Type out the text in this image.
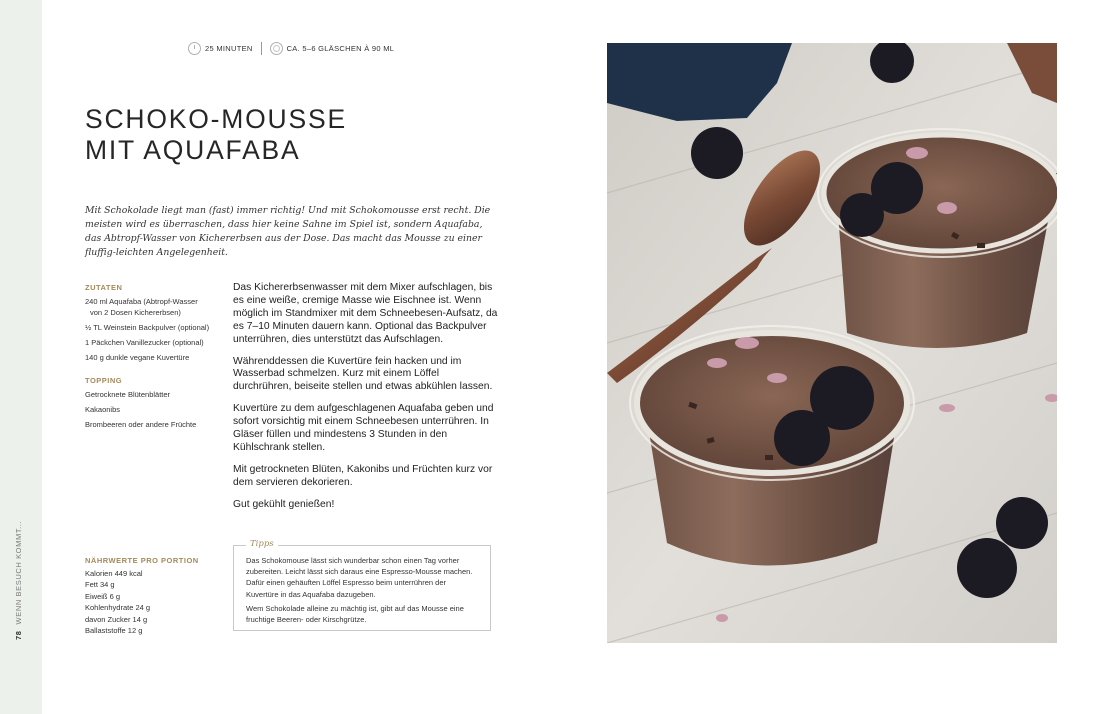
78WENN BESUCH KOMMT...
25 MINUTEN	CA. 5–6 GLÄSCHEN À 90 ML
SCHOKO-MOUSSE
MIT AQUAFABA

Mit Schokolade liegt man (fast) immer richtig! Und mit Schokomousse erst recht. Die meisten wird es überraschen, dass hier keine Sahne im Spiel ist, sondern Aquafaba, das Abtropf-Wasser von Kichererbsen aus der Dose. Das macht das Mousse zu einer fluffig-leichten Angelegenheit.

ZUTATEN
240 ml Aquafaba (Abtropf-Wasser
von 2 Dosen Kichererbsen)
½ TL Weinstein Backpulver (optional)
1 Päckchen Vanillezucker (optional)
140 g dunkle vegane Kuvertüre
TOPPING
Getrocknete Blütenblätter
Kakaonibs
Brombeeren oder andere Früchte

Das Kichererbsenwasser mit dem Mixer aufschlagen, bis es eine weiße, cremige Masse wie Eischnee ist. Wenn möglich im Standmixer mit dem Schneebesen-Aufsatz, da es 7–10 Minuten dauern kann. Optional das Backpulver unterrühren, dies unterstützt das Aufschlagen.

Währenddessen die Kuvertüre fein hacken und im Wasserbad schmelzen. Kurz mit einem Löffel durchrühren, beiseite stellen und etwas abkühlen lassen.

Kuvertüre zu dem aufgeschlagenen Aquafaba geben und sofort vorsichtig mit einem Schneebesen unterrühren. In Gläser füllen und mindestens 3 Stunden in den Kühlschrank stellen.

Mit getrockneten Blüten, Kakonibs und Früchten kurz vor dem servieren dekorieren.

Gut gekühlt genießen!

NÄHRWERTE PRO PORTION
Kalorien 449 kcal
Fett 34 g
Eiweiß 6 g
Kohlenhydrate 24 g
davon Zucker 14 g
Ballaststoffe 12 g
Tipps

Das Schokomouse lässt sich wunderbar schon einen Tag vorher zubereiten. Leicht lässt sich daraus eine Espresso-Mousse machen. Dafür einen gehäuften Löffel Espresso beim unterrühren der Kuvertüre in das Aquafaba dazugeben.

Wem Schokolade alleine zu mächtig ist, gibt auf das Mousse eine fruchtige Beeren- oder Kirschgrütze.
